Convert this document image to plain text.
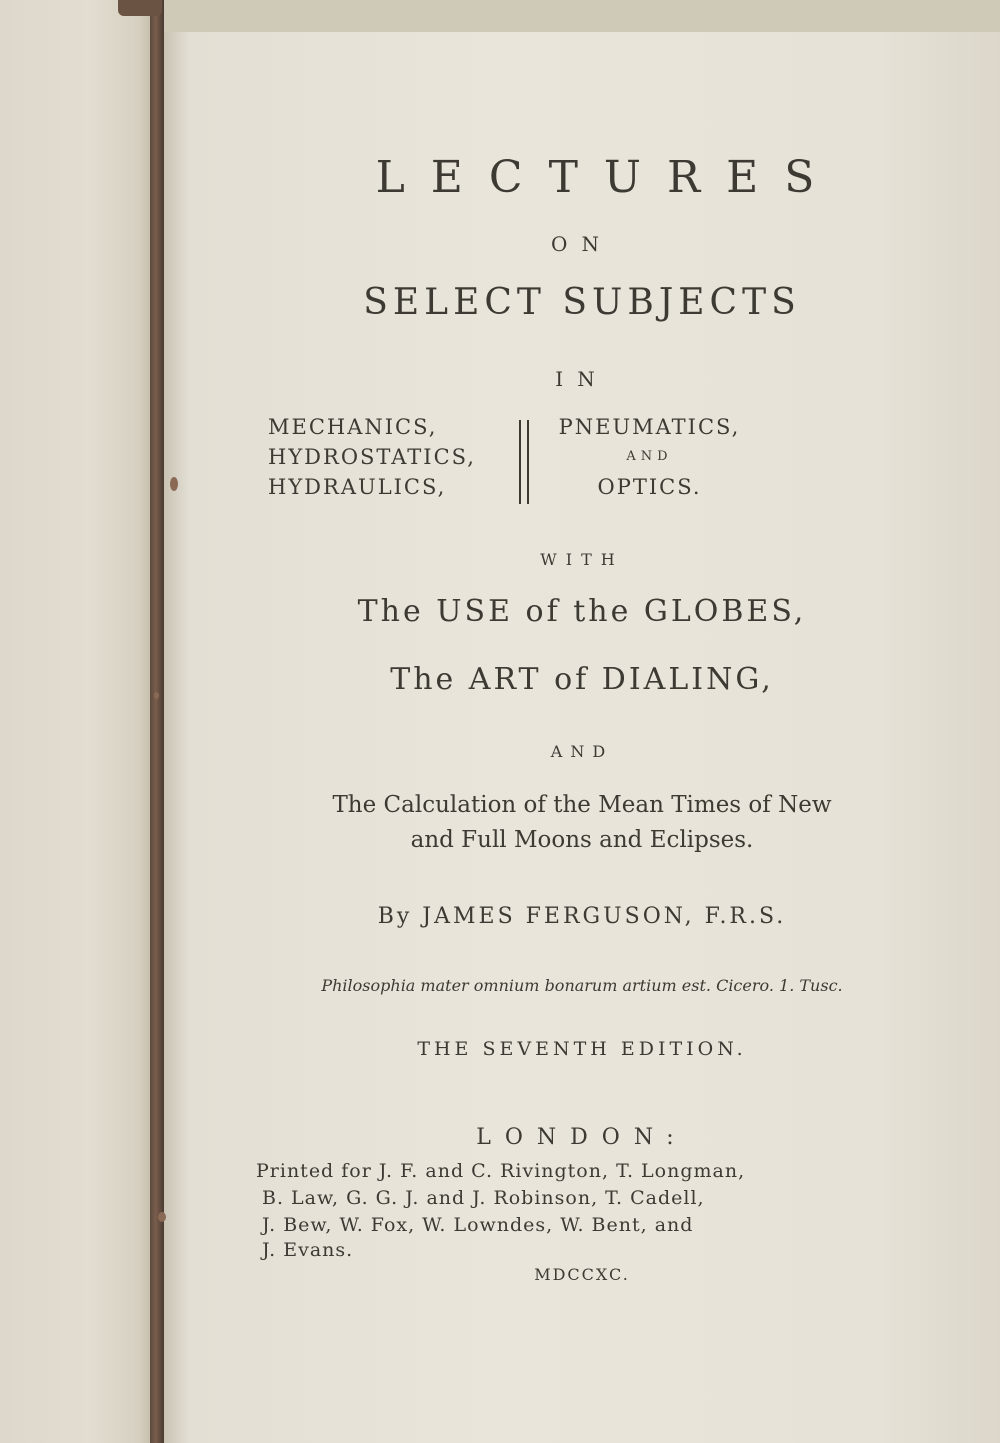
LECTURES
ON
SELECT SUBJECTS
IN
MECHANICS,
HYDROSTATICS,
HYDRAULICS,
PNEUMATICS,
AND
OPTICS.
WITH
The USE of the GLOBES,
The ART of DIALING,
AND
The Calculation of the Mean Times of New
and Full Moons and Eclipses.
By JAMES FERGUSON, F.R.S.
Philosophia mater omnium bonarum artium est. Cicero. 1. Tusc.
THE SEVENTH EDITION.
LONDON:
Printed for J. F. and C. Rivington, T. Longman,
B. Law, G. G. J. and J. Robinson, T. Cadell,
J. Bew, W. Fox, W. Lowndes, W. Bent, and
J. Evans.
MDCCXC.
